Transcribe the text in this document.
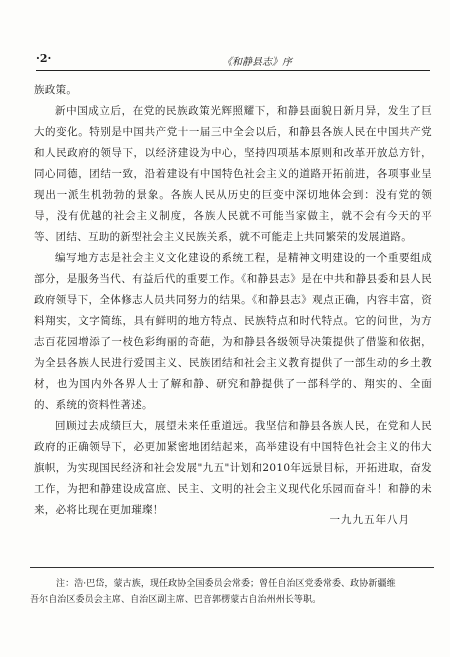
·2·	《和静县志》序

族政策。

新中国成立后，在党的民族政策光辉照耀下，和静县面貌日新月异，发生了巨大的变化。特别是中国共产党十一届三中全会以后，和静县各族人民在中国共产党和人民政府的领导下，以经济建设为中心，坚持四项基本原则和改革开放总方针，同心同德，团结一致，沿着建设有中国特色社会主义的道路开拓前进，各项事业呈现出一派生机勃勃的景象。各族人民从历史的巨变中深切地体会到：没有党的领导，没有优越的社会主义制度，各族人民就不可能当家做主，就不会有今天的平等、团结、互助的新型社会主义民族关系，就不可能走上共同繁荣的发展道路。

编写地方志是社会主义文化建设的系统工程，是精神文明建设的一个重要组成部分，是服务当代、有益后代的重要工作。《和静县志》是在中共和静县委和县人民政府领导下，全体修志人员共同努力的结果。《和静县志》观点正确，内容丰富，资料翔实，文字简练，具有鲜明的地方特点、民族特点和时代特点。它的问世，为方志百花园增添了一枝色彩绚丽的奇葩，为和静县各级领导决策提供了借鉴和依据，为全县各族人民进行爱国主义、民族团结和社会主义教育提供了一部生动的乡土教材，也为国内外各界人士了解和静、研究和静提供了一部科学的、翔实的、全面的、系统的资料性著述。

回顾过去成绩巨大，展望未来任重道远。我坚信和静县各族人民，在党和人民政府的正确领导下，必更加紧密地团结起来，高举建设有中国特色社会主义的伟大旗帜，为实现国民经济和社会发展"九五"计划和2010年远景目标，开拓进取，奋发工作，为把和静建设成富庶、民主、文明的社会主义现代化乐园而奋斗！和静的未来，必将比现在更加璀璨！

一九九五年八月
注：浩·巴岱，蒙古族，现任政协全国委员会常委；曾任自治区党委常委、政协新疆维
吾尔自治区委员会主席、自治区副主席、巴音郭楞蒙古自治州州长等职。
